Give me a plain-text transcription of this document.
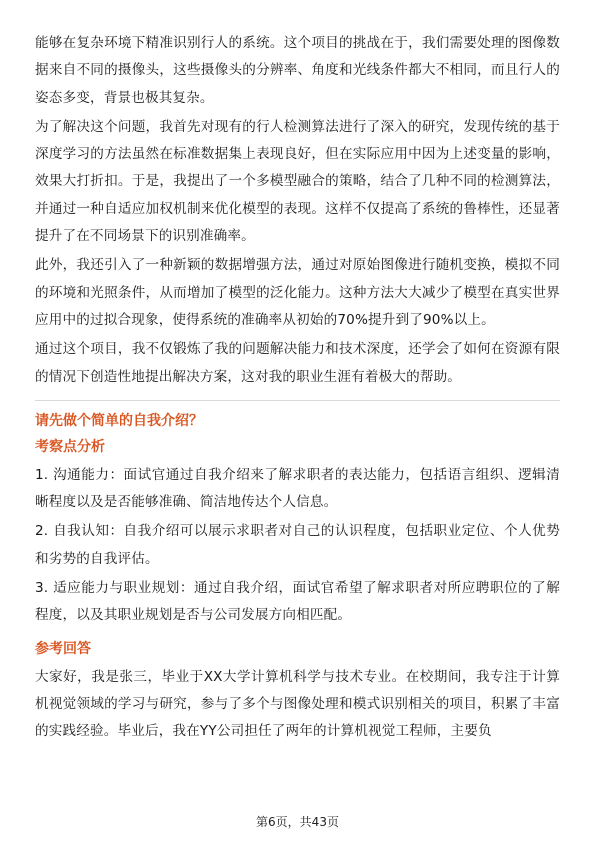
能够在复杂环境下精准识别行人的系统。这个项目的挑战在于，我们需要处理的图像数据来自不同的摄像头，这些摄像头的分辨率、角度和光线条件都大不相同，而且行人的姿态多变，背景也极其复杂。

为了解决这个问题，我首先对现有的行人检测算法进行了深入的研究，发现传统的基于深度学习的方法虽然在标准数据集上表现良好，但在实际应用中因为上述变量的影响，效果大打折扣。于是，我提出了一个多模型融合的策略，结合了几种不同的检测算法，并通过一种自适应加权机制来优化模型的表现。这样不仅提高了系统的鲁棒性，还显著提升了在不同场景下的识别准确率。

此外，我还引入了一种新颖的数据增强方法，通过对原始图像进行随机变换，模拟不同的环境和光照条件，从而增加了模型的泛化能力。这种方法大大减少了模型在真实世界应用中的过拟合现象，使得系统的准确率从初始的70%提升到了90%以上。

通过这个项目，我不仅锻炼了我的问题解决能力和技术深度，还学会了如何在资源有限的情况下创造性地提出解决方案，这对我的职业生涯有着极大的帮助。

请先做个简单的自我介绍？
考察点分析

1. 沟通能力：面试官通过自我介绍来了解求职者的表达能力，包括语言组织、逻辑清晰程度以及是否能够准确、简洁地传达个人信息。

2. 自我认知：自我介绍可以展示求职者对自己的认识程度，包括职业定位、个人优势和劣势的自我评估。

3. 适应能力与职业规划：通过自我介绍，面试官希望了解求职者对所应聘职位的了解程度，以及其职业规划是否与公司发展方向相匹配。

参考回答

大家好，我是张三，毕业于XX大学计算机科学与技术专业。在校期间，我专注于计算机视觉领域的学习与研究，参与了多个与图像处理和模式识别相关的项目，积累了丰富的实践经验。毕业后，我在YY公司担任了两年的计算机视觉工程师，主要负

第6页，共43页
